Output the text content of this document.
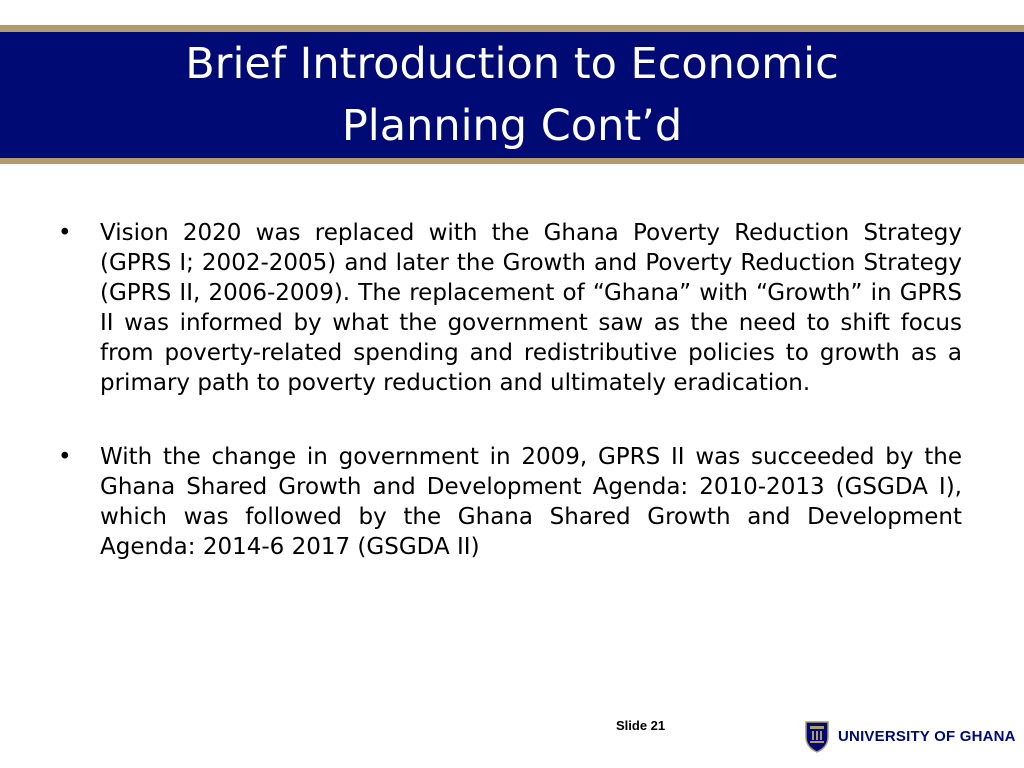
Brief Introduction to Economic Planning Cont’d
• Vision 2020 was replaced with the Ghana Poverty Reduction Strategy (GPRS I; 2002-2005) and later the Growth and Poverty Reduction Strategy (GPRS II, 2006-2009). The replacement of “Ghana” with “Growth” in GPRS II was informed by what the government saw as the need to shift focus from poverty-related spending and redistributive policies to growth as a primary path to poverty reduction and ultimately eradication.
• With the change in government in 2009, GPRS II was succeeded by the Ghana Shared Growth and Development Agenda: 2010-2013 (GSGDA I), which was followed by the Ghana Shared Growth and Development Agenda: 2014-6 2017 (GSGDA II)
Slide 21
UNIVERSITY OF GHANA
